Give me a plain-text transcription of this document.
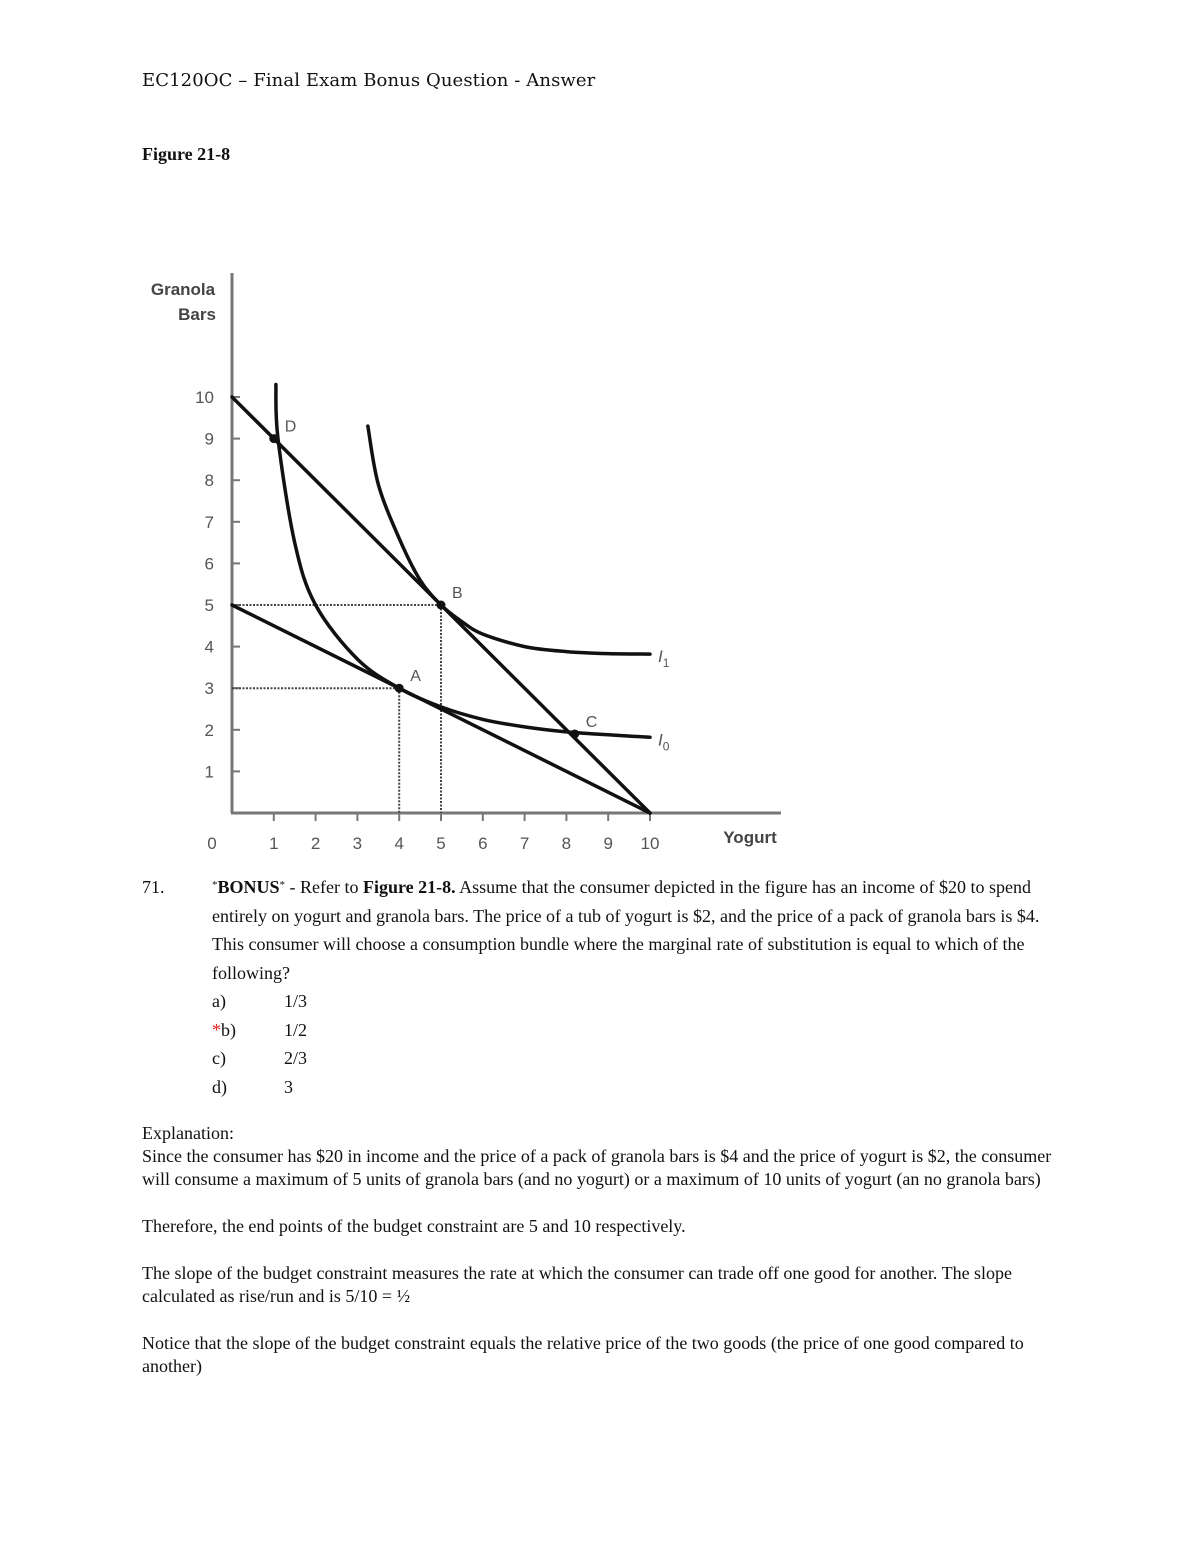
EC120OC – Final Exam Bonus Question - Answer
Figure 21-8
Granola
Bars
Yogurt
0
1
2
3
4
5
6
7
8
9
10
1 2 3 4 5 6 7 8 9 10
$I_0$
$I_1$
D
B
A
C
71.	*BONUS* - Refer to Figure 21-8. Assume that the consumer depicted in the figure has an income of $20 to spend entirely on yogurt and granola bars. The price of a tub of yogurt is $2, and the price of a pack of granola bars is $4. This consumer will choose a consumption bundle where the marginal rate of substitution is equal to which of the following?
a)	1/3
*b)	1/2
c)	2/3
d)	3

Explanation:

Since the consumer has $20 in income and the price of a pack of granola bars is $4 and the price of yogurt is $2, the consumer will consume a maximum of 5 units of granola bars (and no yogurt) or a maximum of 10 units of yogurt (an no granola bars)

Therefore, the end points of the budget constraint are 5 and 10 respectively.

The slope of the budget constraint measures the rate at which the consumer can trade off one good for another. The slope calculated as rise/run and is 5/10 = ½

Notice that the slope of the budget constraint equals the relative price of the two goods (the price of one good compared to another)
